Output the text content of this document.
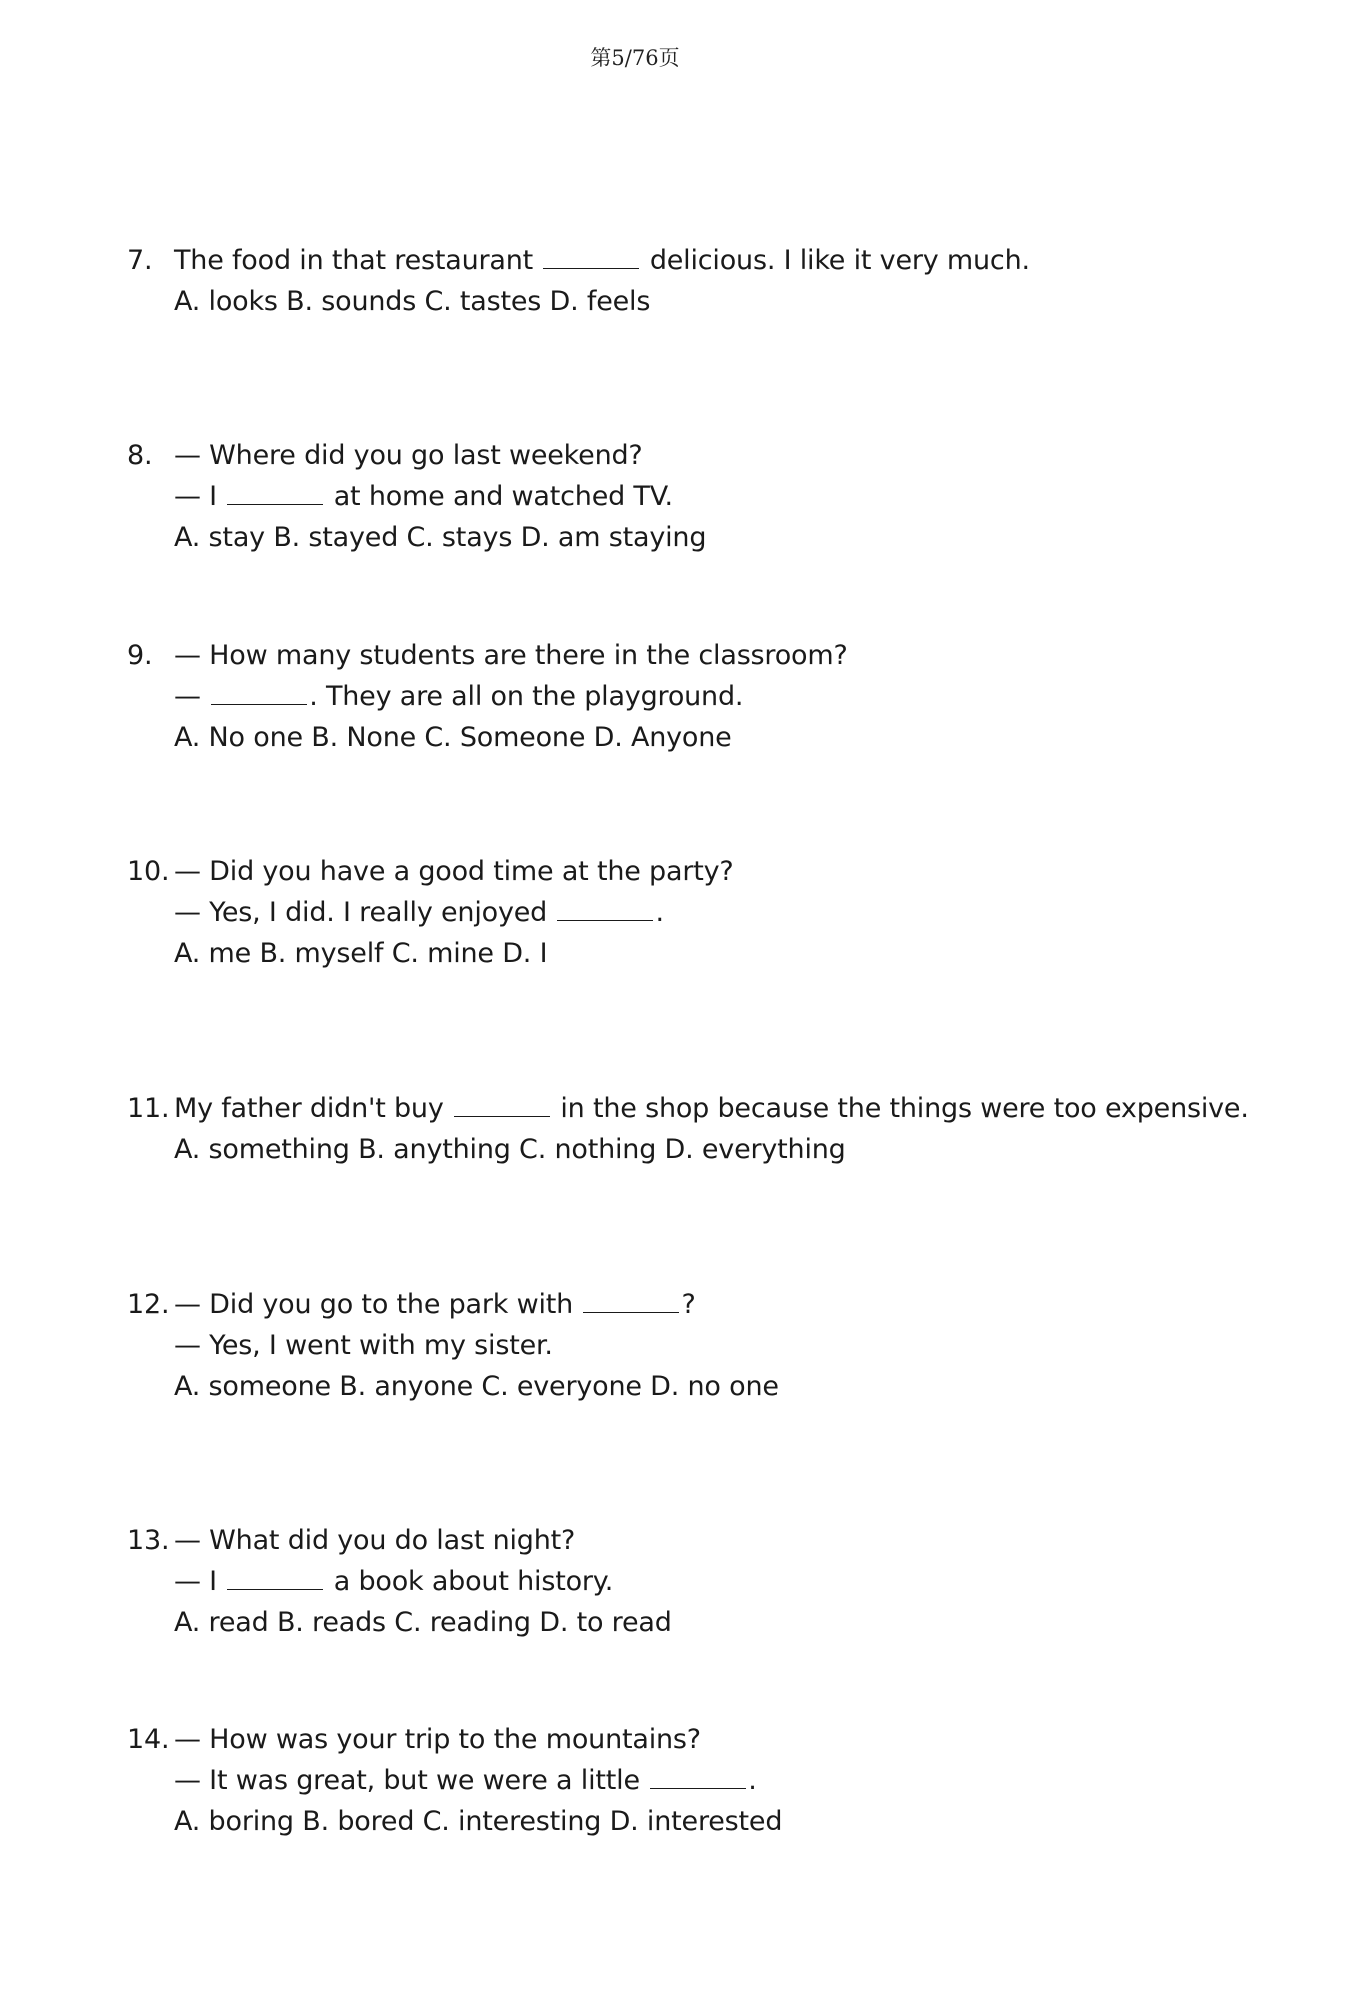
第5/76页
7. The food in that restaurant	delicious. I like it very much.
A. looks B. sounds C. tastes D. feels
8. — Where did you go last weekend?
— I	at home and watched TV.
A. stay B. stayed C. stays D. am staying
9. — How many students are there in the classroom?
—	. They are all on the playground.
A. No one B. None C. Someone D. Anyone
10. — Did you have a good time at the party?
— Yes, I did. I really enjoyed	.
A. me B. myself C. mine D. I
11. My father didn't buy	in the shop because the things were too expensive.
A. something B. anything C. nothing D. everything
12. — Did you go to the park with	?
— Yes, I went with my sister.
A. someone B. anyone C. everyone D. no one
13. — What did you do last night?
— I	a book about history.
A. read B. reads C. reading D. to read
14. — How was your trip to the mountains?
— It was great, but we were a little	.
A. boring B. bored C. interesting D. interested
